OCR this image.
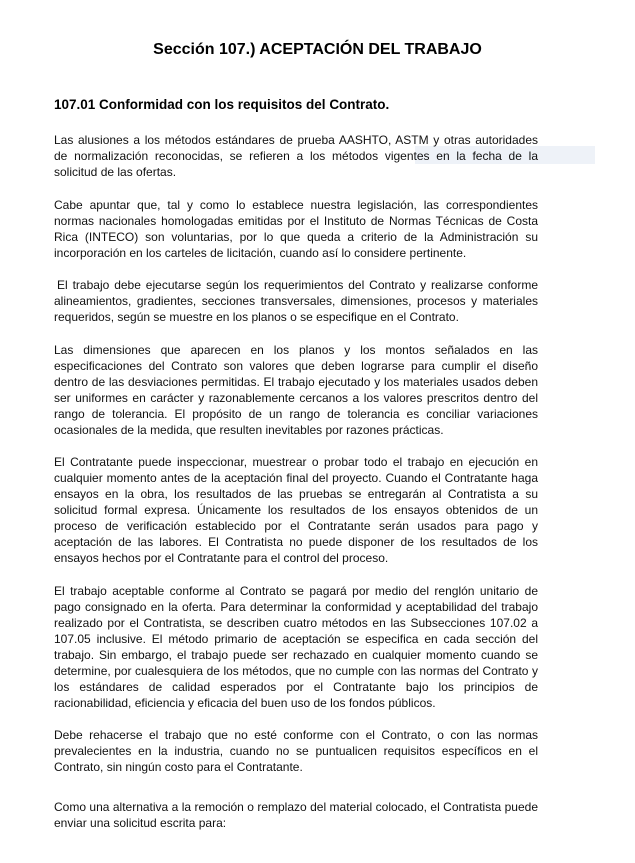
Sección 107.) ACEPTACIÓN DEL TRABAJO
107.01 Conformidad con los requisitos del Contrato.

Las alusiones a los métodos estándares de prueba AASHTO, ASTM y otras autoridades de normalización reconocidas, se refieren a los métodos vigentes en la fecha de la solicitud de las ofertas.

Cabe apuntar que, tal y como lo establece nuestra legislación, las correspondientes normas nacionales homologadas emitidas por el Instituto de Normas Técnicas de Costa Rica (INTECO) son voluntarias, por lo que queda a criterio de la Administración su incorporación en los carteles de licitación, cuando así lo considere pertinente.

El trabajo debe ejecutarse según los requerimientos del Contrato y realizarse conforme alineamientos, gradientes, secciones transversales, dimensiones, procesos y materiales requeridos, según se muestre en los planos o se especifique en el Contrato.

Las dimensiones que aparecen en los planos y los montos señalados en las especificaciones del Contrato son valores que deben lograrse para cumplir el diseño dentro de las desviaciones permitidas. El trabajo ejecutado y los materiales usados deben ser uniformes en carácter y razonablemente cercanos a los valores prescritos dentro del rango de tolerancia. El propósito de un rango de tolerancia es conciliar variaciones ocasionales de la medida, que resulten inevitables por razones prácticas.

El Contratante puede inspeccionar, muestrear o probar todo el trabajo en ejecución en cualquier momento antes de la aceptación final del proyecto. Cuando el Contratante haga ensayos en la obra, los resultados de las pruebas se entregarán al Contratista a su solicitud formal expresa. Únicamente los resultados de los ensayos obtenidos de un proceso de verificación establecido por el Contratante serán usados para pago y aceptación de las labores. El Contratista no puede disponer de los resultados de los ensayos hechos por el Contratante para el control del proceso.

El trabajo aceptable conforme al Contrato se pagará por medio del renglón unitario de pago consignado en la oferta. Para determinar la conformidad y aceptabilidad del trabajo realizado por el Contratista, se describen cuatro métodos en las Subsecciones 107.02 a 107.05 inclusive. El método primario de aceptación se especifica en cada sección del trabajo. Sin embargo, el trabajo puede ser rechazado en cualquier momento cuando se determine, por cualesquiera de los métodos, que no cumple con las normas del Contrato y los estándares de calidad esperados por el Contratante bajo los principios de racionabilidad, eficiencia y eficacia del buen uso de los fondos públicos.

Debe rehacerse el trabajo que no esté conforme con el Contrato, o con las normas prevalecientes en la industria, cuando no se puntualicen requisitos específicos en el Contrato, sin ningún costo para el Contratante.

Como una alternativa a la remoción o remplazo del material colocado, el Contratista puede enviar una solicitud escrita para:
